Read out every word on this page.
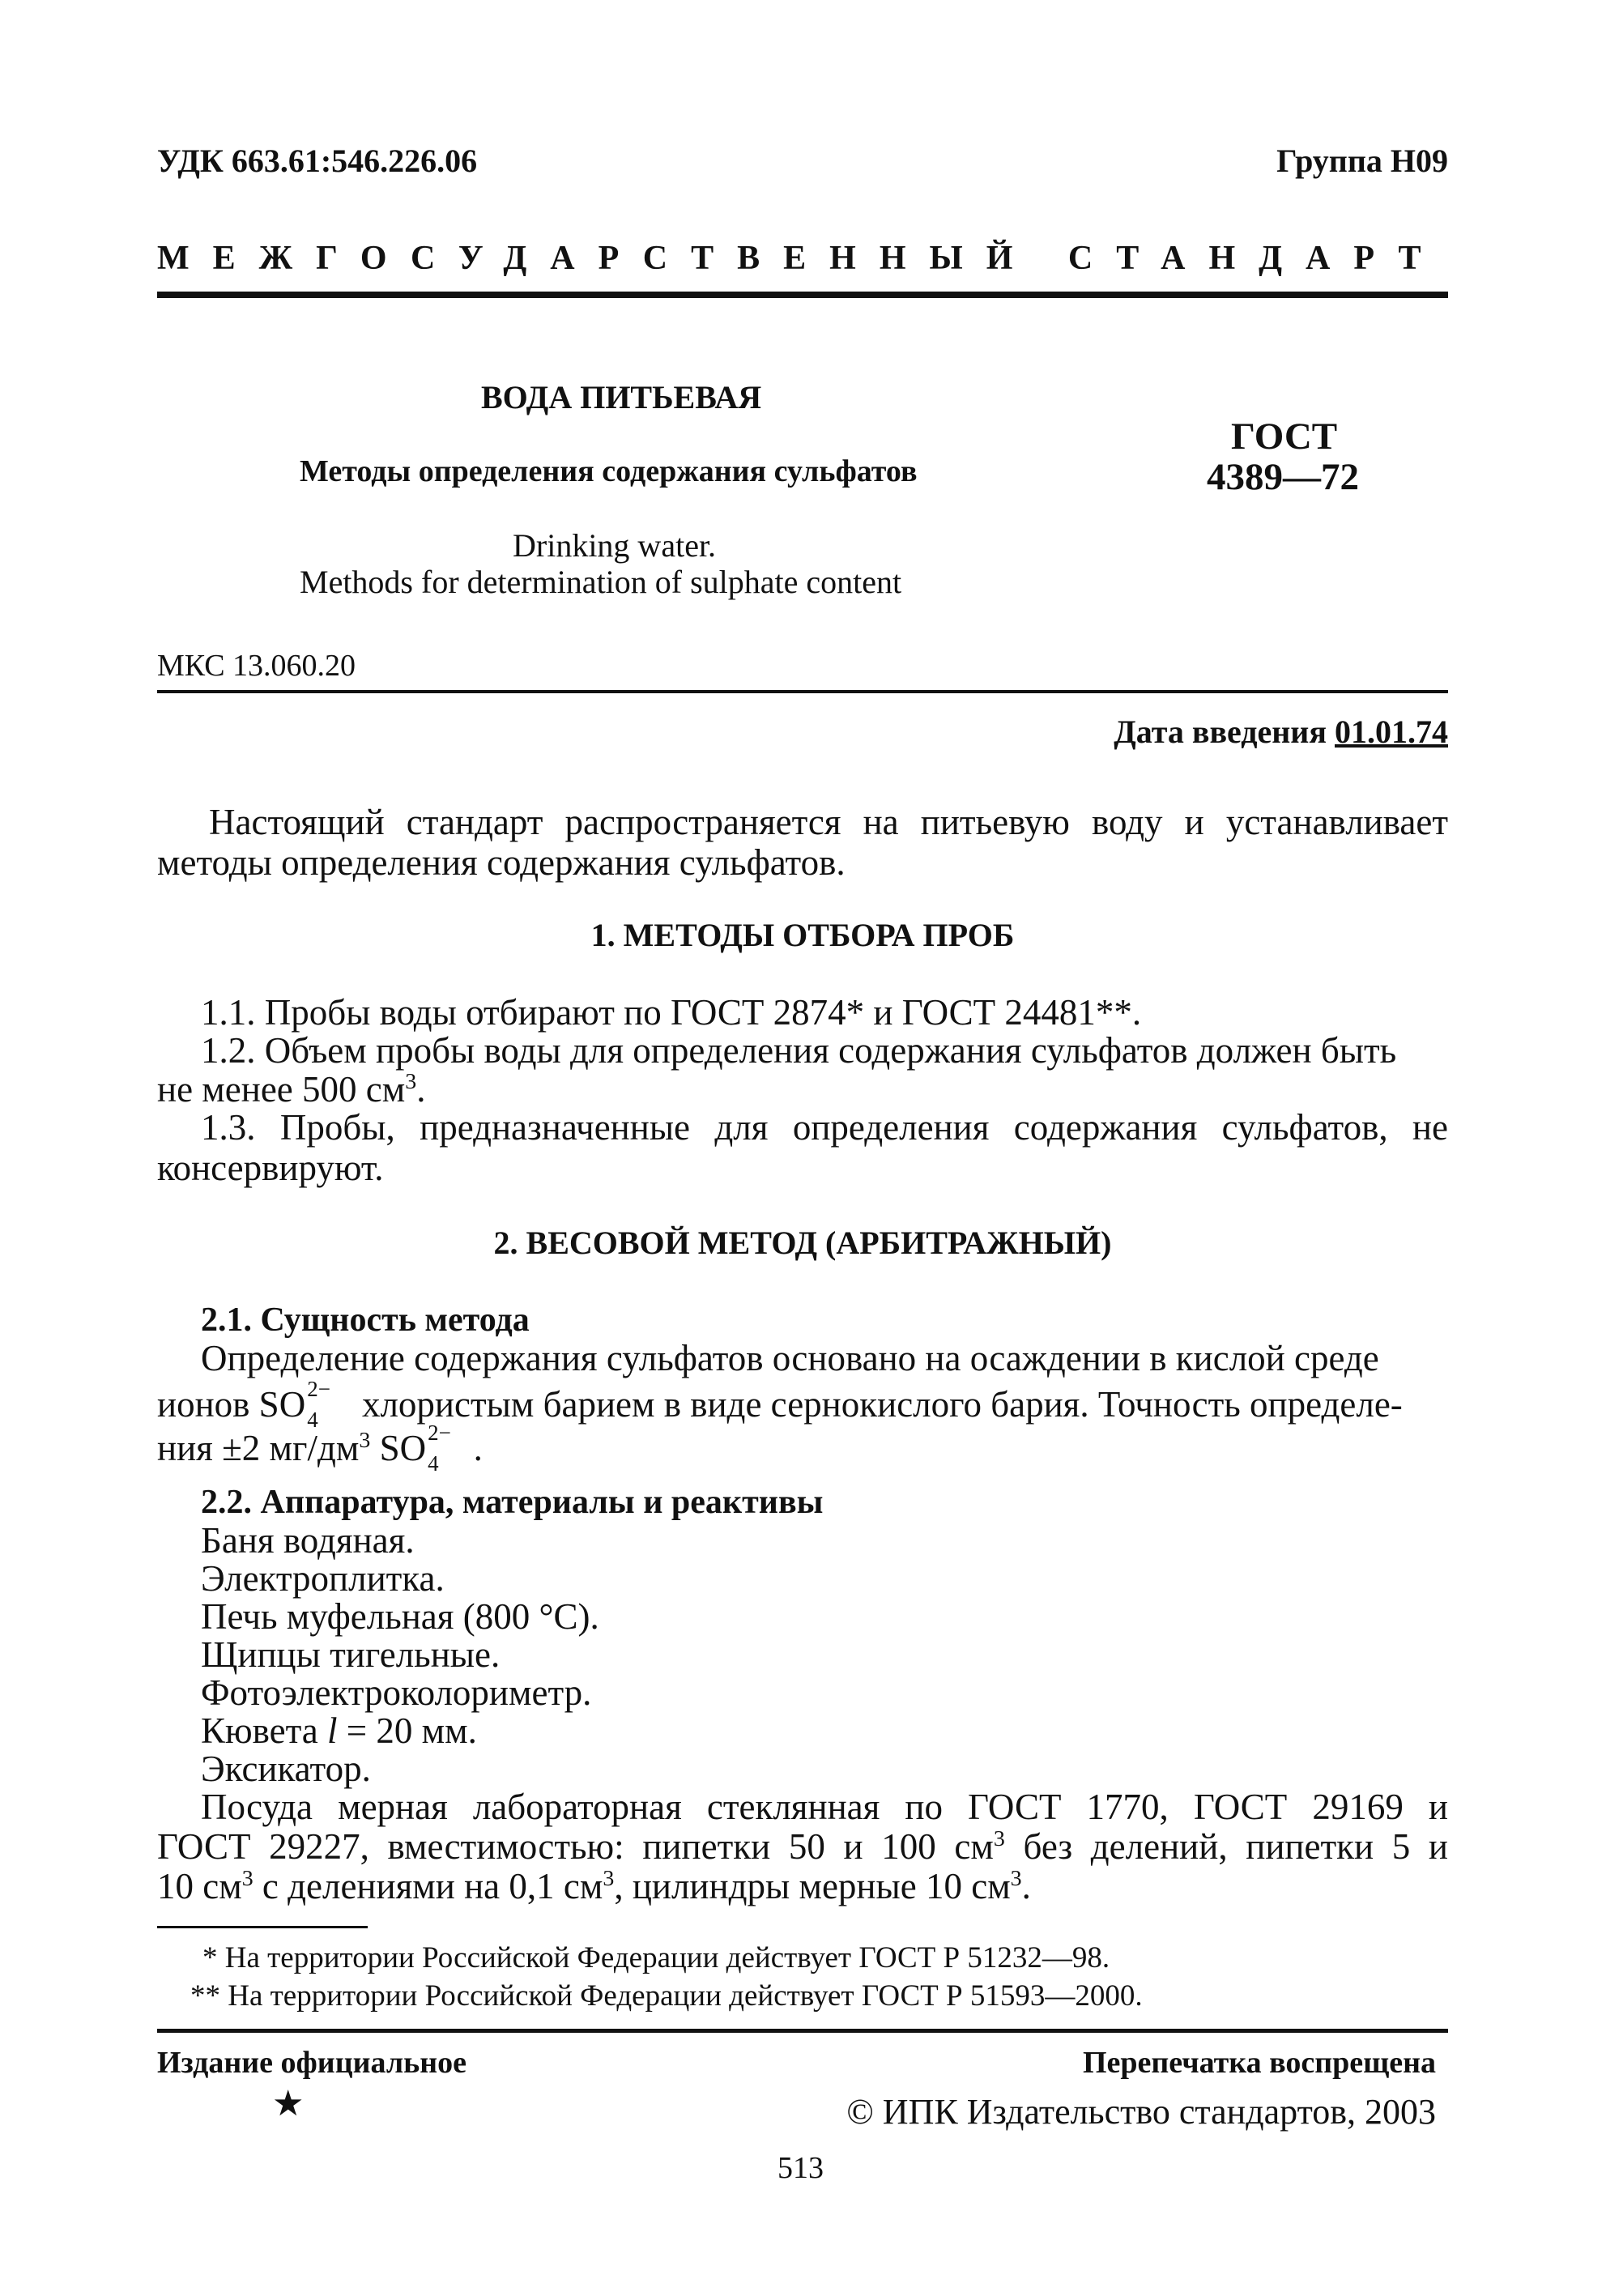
УДК 663.61:546.226.06	Группа Н09
МЕЖГОСУДАРСТВЕННЫЙ СТАНДАРТ
ВОДА ПИТЬЕВАЯ
Методы определения содержания сульфатов
Drinking water.
Methods for determination of sulphate content
ГОСТ
4389—72
МКС 13.060.20
Дата введения 01.01.74

Настоящий стандарт распространяется на питьевую воду и устанавливает методы определения содержания сульфатов.

1. МЕТОДЫ ОТБОРА ПРОБ

1.1. Пробы воды отбирают по ГОСТ 2874* и ГОСТ 24481**.

1.2. Объем пробы воды для определения содержания сульфатов должен быть

не менее 500 $см^3$.

1.3. Пробы, предназначенные для определения содержания сульфатов, не консервируют.

2. ВЕСОВОЙ МЕТОД (АРБИТРАЖНЫЙ)

2.1. Сущность метода

Определение содержания сульфатов основано на осаждении в кислой среде

ионов SO 2−
4 хлористым барием в виде сернокислого бария. Точность определе-

ния ±2 $мг/дм^3$ SO 2−
4 .

2.2. Аппаратура, материалы и реактивы

Баня водяная.

Электроплитка.

Печь муфельная (800 °С).

Щипцы тигельные.

Фотоэлектроколориметр.

Кювета l = 20 мм.

Эксикатор.

Посуда мерная лабораторная стеклянная по ГОСТ 1770, ГОСТ 29169 и

ГОСТ 29227, вместимостью: пипетки 50 и 100 $см^3$ без делений, пипетки 5 и

10 $см^3$ с делениями на 0,1 $см^3$, цилиндры мерные 10 $см^3$.

* На территории Российской Федерации действует ГОСТ Р 51232—98.

** На территории Российской Федерации действует ГОСТ Р 51593—2000.

Издание официальное	Перепечатка воспрещена
★	© ИПК Издательство стандартов, 2003
513
